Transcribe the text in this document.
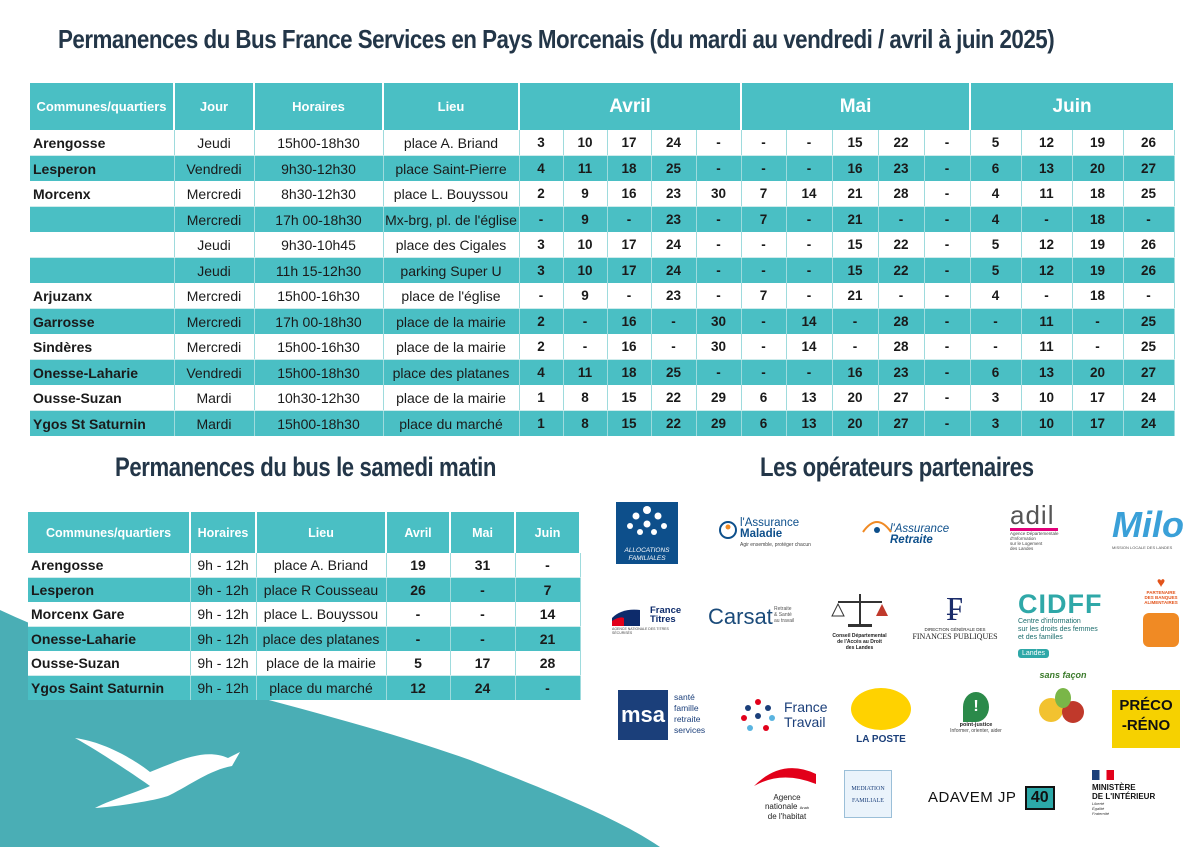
Permanences du Bus France Services en Pays Morcenais (du mardi au vendredi / avril à juin 2025)
Communes/quartiers	Jour	Horaires	Lieu	Avril					Mai					Juin			
Arengosse	Jeudi	15h00-18h30	place A. Briand	3	10	17	24	-	-	-	15	22	-	5	12	19	26
Lesperon	Vendredi	9h30-12h30	place Saint-Pierre	4	11	18	25	-	-	-	16	23	-	6	13	20	27
Morcenx	Mercredi	8h30-12h30	place L. Bouyssou	2	9	16	23	30	7	14	21	28	-	4	11	18	25
	Mercredi	17h 00-18h30	Mx-brg, pl. de l'église	-	9	-	23	-	7	-	21	-	-	4	-	18	-
	Jeudi	9h30-10h45	place des Cigales	3	10	17	24	-	-	-	15	22	-	5	12	19	26
	Jeudi	11h 15-12h30	parking Super U	3	10	17	24	-	-	-	15	22	-	5	12	19	26
Arjuzanx	Mercredi	15h00-16h30	place de l'église	-	9	-	23	-	7	-	21	-	-	4	-	18	-
Garrosse	Mercredi	17h 00-18h30	place de la mairie	2	-	16	-	30	-	14	-	28	-	-	11	-	25
Sindères	Mercredi	15h00-16h30	place de la mairie	2	-	16	-	30	-	14	-	28	-	-	11	-	25
Onesse-Laharie	Vendredi	15h00-18h30	place des platanes	4	11	18	25	-	-	-	16	23	-	6	13	20	27
Ousse-Suzan	Mardi	10h30-12h30	place de la mairie	1	8	15	22	29	6	13	20	27	-	3	10	17	24
Ygos St Saturnin	Mardi	15h00-18h30	place du marché	1	8	15	22	29	6	13	20	27	-	3	10	17	24
Permanences du bus le samedi matin	Les opérateurs partenaires
Communes/quartiers	Horaires	Lieu	Avril	Mai	Juin
Arengosse	9h - 12h	place A. Briand	19	31	-
Lesperon	9h - 12h	place R Cousseau	26	-	7
Morcenx Gare	9h - 12h	place L. Bouyssou	-	-	14
Onesse-Laharie	9h - 12h	place des platanes	-	-	21
Ousse-Suzan	9h - 12h	place de la mairie	5	17	28
Ygos Saint Saturnin	9h - 12h	place du marché	12	24	-
ALLOCATIONS
FAMILIALES
l'Assurance
Maladie
Agir ensemble, protéger chacun
l'Assurance
Retraite
adil
Agence Départementale
d'Information
sur le Logement
des Landes
Milo
MISSION LOCALE DES LANDES
France
Titres
AGENCE NATIONALE DES TITRES SÉCURISÉS
Carsat Retraite
& Santé
au travail
Conseil Départemental
de l'Accès au Droit
des Landes
₣
DIRECTION GÉNÉRALE DES
FINANCES PUBLIQUES
CIDFF
Centre d'information
sur les droits des femmes
et des familles
Landes
♥
PARTENAIRE
DES BANQUES
ALIMENTAIRES
msa
santé
famille
retraite
services
France
Travail
LA POSTE
!
point-justice
Informer, orienter, aider
sans façon
PRÉCO
-RÉNO
Agence
nationale Anah
de l'habitat
MEDIATION
FAMILIALE	ADAVEM JP 40
MINISTÈRE
DE L'INTÉRIEUR
Liberté
Égalité
Fraternité
